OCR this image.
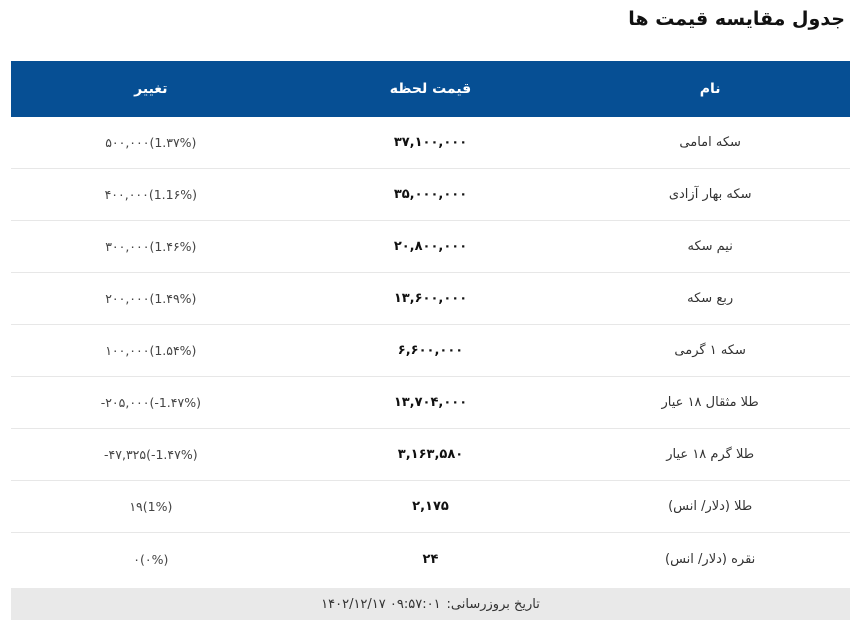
جدول مقایسه قیمت ها
نام
قیمت لحظه
تغییر
سکه امامی
۳۷,۱۰۰,۰۰۰
۵۰۰,۰۰۰(1.۳۷%)
سکه بهار آزادی
۳۵,۰۰۰,۰۰۰
۴۰۰,۰۰۰(1.1۶%)
نیم سکه
۲۰,۸۰۰,۰۰۰
۳۰۰,۰۰۰(1.۴۶%)
ربع سکه
۱۳,۶۰۰,۰۰۰
۲۰۰,۰۰۰(1.۴۹%)
سکه ۱ گرمی
۶,۶۰۰,۰۰۰
۱۰۰,۰۰۰(1.۵۴%)
طلا مثقال ۱۸ عیار
۱۳,۷۰۴,۰۰۰
-۲۰۵,۰۰۰(-1.۴۷%)
طلا گرم ۱۸ عیار
۳,۱۶۳,۵۸۰
-۴۷,۳۲۵(-1.۴۷%)
طلا (دلار/ انس)
۲,۱۷۵
۱۹(1%)
نقره (دلار/ انس)
۲۴
۰(۰%)
تاریخ بروزرسانی:
۱۴۰۲/۱۲/۱۷ ۰۹:۵۷:۰۱
